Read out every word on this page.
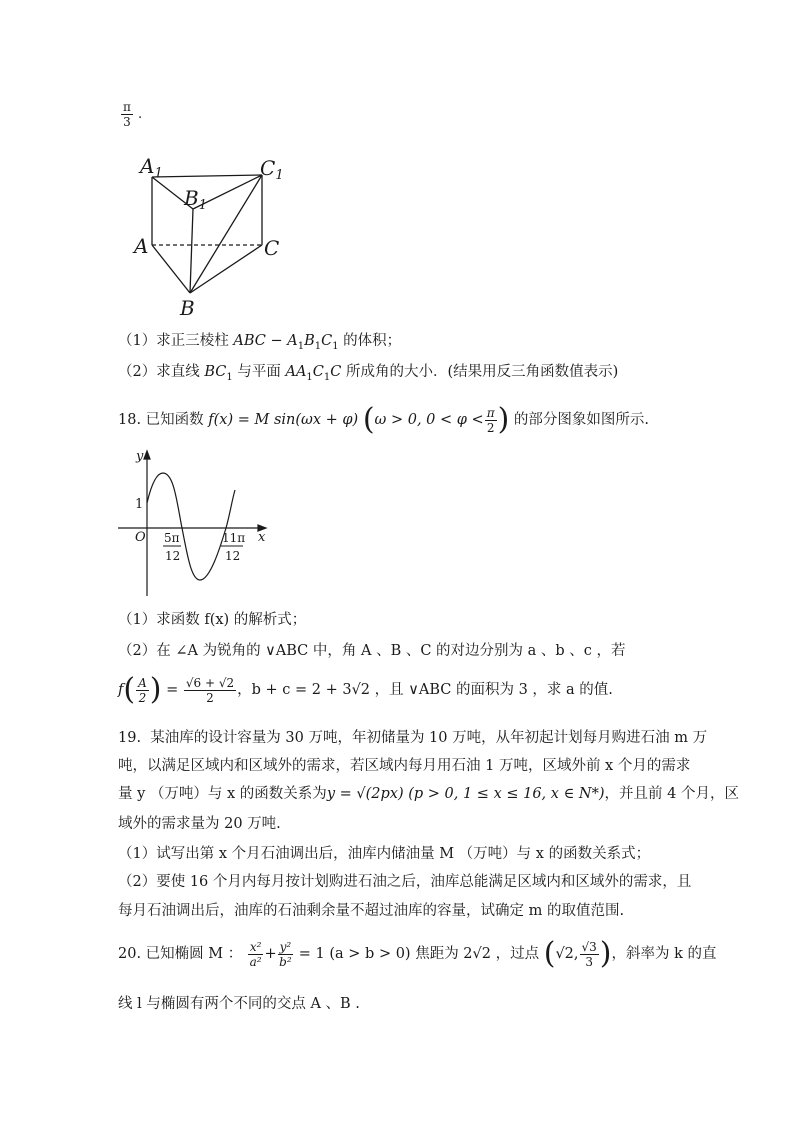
$\frac{\pi}{3}$ .
$A_1$	$C_1$
$B_1$
A	C
B
（1）求正三棱柱 ABC − $A_1B_1C_1$ 的体积；
（2）求直线 $BC_1$ 与平面 $AA_1C_1C$ 所成角的大小．(结果用反三角函数值表示)
18. 已知函数 f(x) = M sin(ωx + φ) (ω > 0, $0 < \varphi < \frac{\pi}{2}$ ) 的部分图象如图所示.
y
x
O
1
5π
12
11π
12
（1）求函数 f(x) 的解析式；
（2）在 ∠A 为锐角的 ∨ABC 中，角 A 、B 、C 的对边分别为 a 、b 、c ，若
$f( \frac{A}{2}$ ) = $\frac{√6 + √2}{2}$ ，b + c = 2 + 3√2 ，且 ∨ABC 的面积为 3 ，求 a 的值.
19. 某油库的设计容量为 30 万吨，年初储量为 10 万吨，从年初起计划每月购进石油 m 万
吨，以满足区域内和区域外的需求，若区域内每月用石油 1 万吨，区域外前 x 个月的需求
量 y （万吨）与 x 的函数关系为y = √(2px) (p > 0, 1 ≤ x ≤ 16, x ∈ N*)，并且前 4 个月，区
域外的需求量为 20 万吨.
（1）试写出第 x 个月石油调出后，油库内储油量 M （万吨）与 x 的函数关系式；
（2）要使 16 个月内每月按计划购进石油之后，油库总能满足区域内和区域外的需求，且
每月石油调出后，油库的石油剩余量不超过油库的容量，试确定 m 的取值范围.
20. 已知椭圆 M ： $\frac{\text{x²}}{\text{a²}} + \frac{\text{y²}}{\text{b²}} = 1$ (a > b > 0) 焦距为 2√2 ，过点 (√2, $\frac{√3}{3}$ )，斜率为 k 的直
线 l 与椭圆有两个不同的交点 A 、B .
